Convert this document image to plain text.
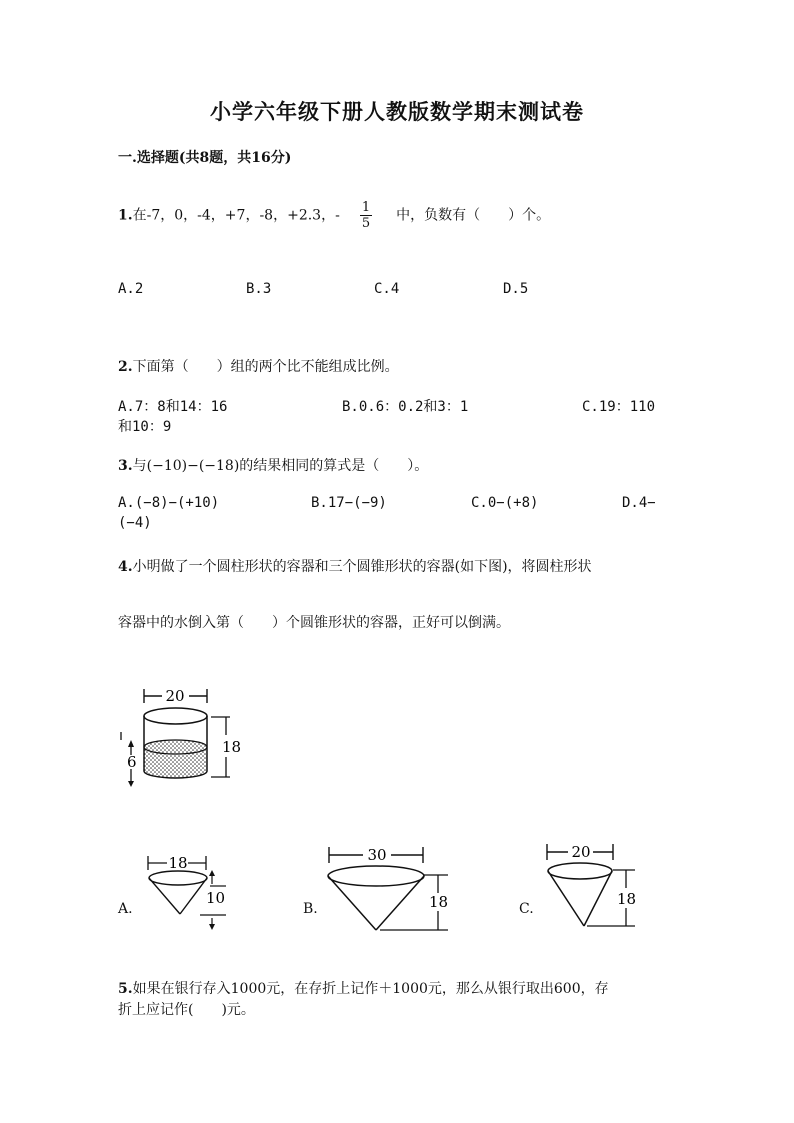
小学六年级下册人教版数学期末测试卷
一.选择题(共8题，共16分)
1.在-7，0，-4，+7，-8，+2.3，- $\frac{1}{5}$ 中，负数有（　　）个。
A.2	B.3	C.4	D.5
2.下面第（　　）组的两个比不能组成比例。
A.7：8和14：16	B.0.6：0.2和3：1	C.19：110
和10：9
3.与(−10)−(−18)的结果相同的算式是（　　）。
A.(−8)−(+10)	B.17−(−9)	C.0−(+8)	D.4−
(−4)
4.小明做了一个圆柱形状的容器和三个圆锥形状的容器(如下图)，将圆柱形状
容器中的水倒入第（　　）个圆锥形状的容器，正好可以倒满。
20
18
6
A.
18
10
B.
30
18	C.
20
18
5.如果在银行存入1000元，在存折上记作＋1000元，那么从银行取出600，存
折上应记作(　　)元。
